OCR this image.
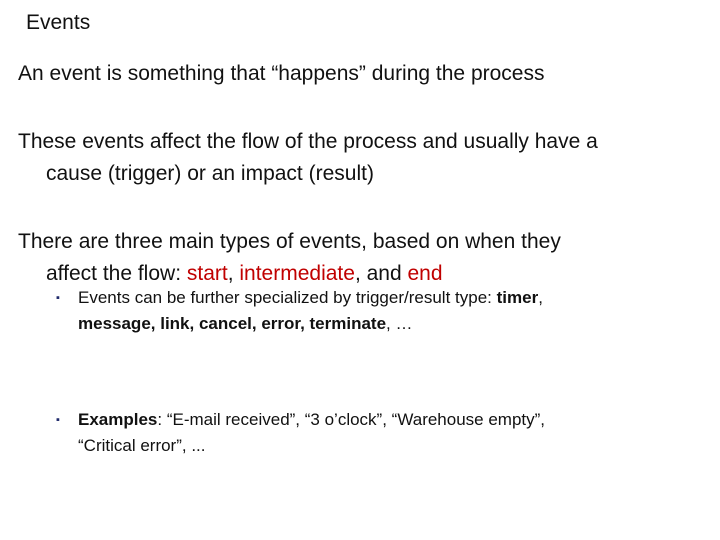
Events
An event is something that “happens” during the process
These events affect the flow of the process and usually have a
cause (trigger) or an impact (result)
There are three main types of events, based on when they
affect the flow: start, intermediate, and end
▪	Events can be further specialized by trigger/result type: timer,
message, link, cancel, error, terminate, …
▪	Examples: “E-mail received”, “3 o’clock”, “Warehouse empty”,
“Critical error”, ...
